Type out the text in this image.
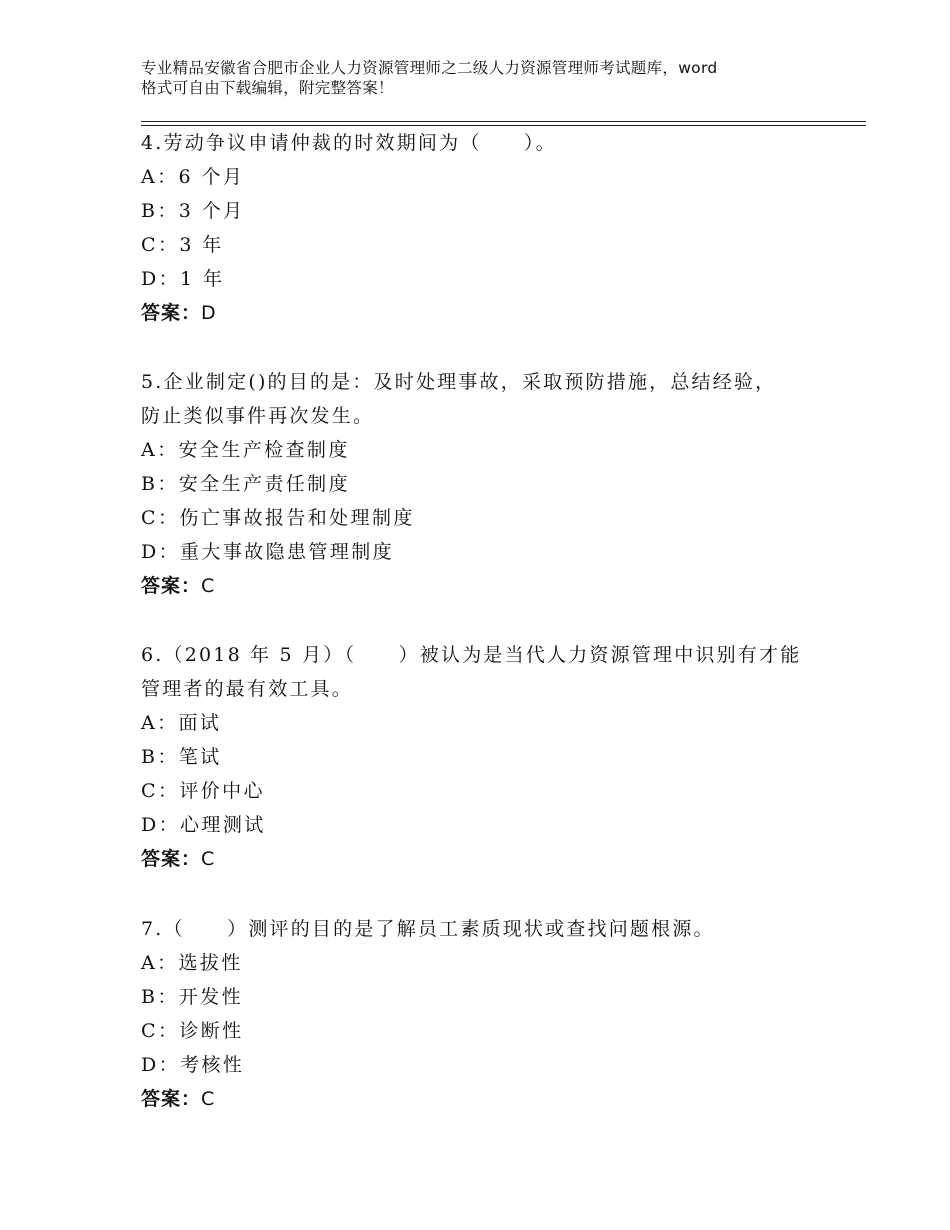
专业精品安徽省合肥市企业人力资源管理师之二级人力资源管理师考试题库，word
格式可自由下载编辑，附完整答案！
4.劳动争议申请仲裁的时效期间为（　　）。
A：6 个月
B：3 个月
C：3 年
D：1 年
答案：D
5.企业制定()的目的是：及时处理事故，采取预防措施，总结经验，
防止类似事件再次发生。
A：安全生产检查制度
B：安全生产责任制度
C：伤亡事故报告和处理制度
D：重大事故隐患管理制度
答案：C
6.（2018 年 5 月）（　　）被认为是当代人力资源管理中识别有才能
管理者的最有效工具。
A：面试
B：笔试
C：评价中心
D：心理测试
答案：C
7.（　　）测评的目的是了解员工素质现状或查找问题根源。
A：选拔性
B：开发性
C：诊断性
D：考核性
答案：C
